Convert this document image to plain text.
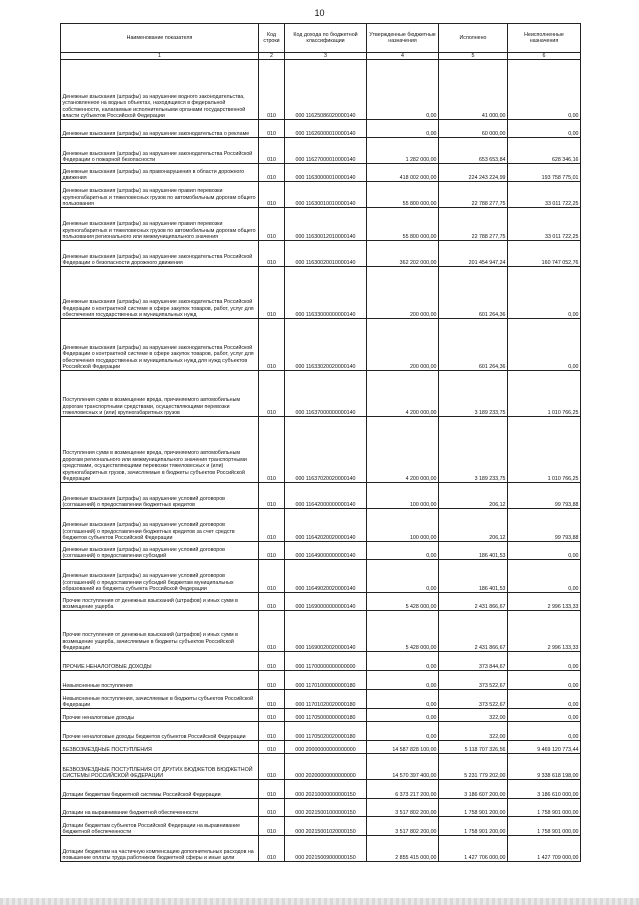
10
Наименование показателя	Код строки	Код дохода по бюджетной классификации	Утвержденные бюджетные назначения	Исполнено	Неисполненные назначения
1	2	3	4	5	6
Денежные взыскания (штрафы) за нарушение водного законодательства, установленное на водных объектах, находящихся в федеральной собственности, налагаемые исполнительными органами государственной власти субъектов Российской Федерации	010	000 11625086020000140	0,00	41 000,00	0,00
Денежные взыскания (штрафы) за нарушение законодательства о рекламе	010	000 11626000010000140	0,00	60 000,00	0,00
Денежные взыскания (штрафы) за нарушение законодательства Российской Федерации о пожарной безопасности	010	000 11627000010000140	1 282 000,00	653 653,84	628 346,16
Денежные взыскания (штрафы) за правонарушения в области дорожного движения	010	000 11630000010000140	418 002 000,00	224 243 224,99	193 758 775,01
Денежные взыскания (штрафы) за нарушение правил перевозки крупногабаритных и тяжеловесных грузов по автомобильным дорогам общего пользования	010	000 11630010010000140	55 800 000,00	22 788 277,75	33 011 722,25
Денежные взыскания (штрафы) за нарушение правил перевозки крупногабаритных и тяжеловесных грузов по автомобильным дорогам общего пользования регионального или межмуниципального значения	010	000 11630012010000140	55 800 000,00	22 788 277,75	33 011 722,25
Денежные взыскания (штрафы) за нарушение законодательства Российской Федерации о безопасности дорожного движения	010	000 11630020010000140	362 202 000,00	201 454 947,24	160 747 052,76
Денежные взыскания (штрафы) за нарушение законодательства Российской Федерации о контрактной системе в сфере закупок товаров, работ, услуг для обеспечения государственных и муниципальных нужд	010	000 11633000000000140	200 000,00	601 264,36	0,00
Денежные взыскания (штрафы) за нарушение законодательства Российской Федерации о контрактной системе в сфере закупок товаров, работ, услуг для обеспечения государственных и муниципальных нужд для нужд субъектов Российской Федерации	010	000 11633020020000140	200 000,00	601 264,36	0,00
Поступления сумм в возмещение вреда, причиняемого автомобильным дорогам транспортными средствами, осуществляющими перевозки тяжеловесных и (или) крупногабаритных грузов	010	000 11637000000000140	4 200 000,00	3 189 233,75	1 010 766,25
Поступления сумм в возмещение вреда, причиняемого автомобильным дорогам регионального или межмуниципального значения транспортными средствами, осуществляющими перевозки тяжеловесных и (или) крупногабаритных грузов, зачисляемые в бюджеты субъектов Российской Федерации	010	000 11637020020000140	4 200 000,00	3 189 233,75	1 010 766,25
Денежные взыскания (штрафы) за нарушение условий договоров (соглашений) о предоставлении бюджетных кредитов	010	000 11642000000000140	100 000,00	206,12	99 793,88
Денежные взыскания (штрафы) за нарушение условий договоров (соглашений) о предоставлении бюджетных кредитов за счет средств бюджетов субъектов Российской Федерации	010	000 11642020020000140	100 000,00	206,12	99 793,88
Денежные взыскания (штрафы) за нарушение условий договоров (соглашений) о предоставлении субсидий	010	000 11649000000000140	0,00	186 401,53	0,00
Денежные взыскания (штрафы) за нарушение условий договоров (соглашений) о предоставлении субсидий бюджетам муниципальных образований из бюджета субъекта Российской Федерации	010	000 11649020020000140	0,00	186 401,53	0,00
Прочие поступления от денежных взысканий (штрафов) и иных сумм в возмещение ущерба	010	000 11690000000000140	5 428 000,00	2 431 866,67	2 996 133,33
Прочие поступления от денежных взысканий (штрафов) и иных сумм в возмещение ущерба, зачисляемые в бюджеты субъектов Российской Федерации	010	000 11690020020000140	5 428 000,00	2 431 866,67	2 996 133,33
ПРОЧИЕ НЕНАЛОГОВЫЕ ДОХОДЫ	010	000 11700000000000000	0,00	373 844,67	0,00
Невыясненные поступления	010	000 11701000000000180	0,00	373 522,67	0,00
Невыясненные поступления, зачисляемые в бюджеты субъектов Российской Федерации	010	000 11701020020000180	0,00	373 522,67	0,00
Прочие неналоговые доходы	010	000 11705000000000180	0,00	322,00	0,00
Прочие неналоговые доходы бюджетов субъектов Российской Федерации	010	000 11705020020000180	0,00	322,00	0,00
БЕЗВОЗМЕЗДНЫЕ ПОСТУПЛЕНИЯ	010	000 20000000000000000	14 587 828 100,00	5 118 707 326,56	9 469 120 773,44
БЕЗВОЗМЕЗДНЫЕ ПОСТУПЛЕНИЯ ОТ ДРУГИХ БЮДЖЕТОВ БЮДЖЕТНОЙ СИСТЕМЫ РОССИЙСКОЙ ФЕДЕРАЦИИ	010	000 20200000000000000	14 570 397 400,00	5 231 779 202,00	9 338 618 198,00
Дотации бюджетам бюджетной системы Российской Федерации	010	000 20210000000000150	6 373 217 200,00	3 186 607 200,00	3 186 610 000,00
Дотации на выравнивание бюджетной обеспеченности	010	000 20215001000000150	3 517 802 200,00	1 758 901 200,00	1 758 901 000,00
Дотации бюджетам субъектов Российской Федерации на выравнивание бюджетной обеспеченности	010	000 20215001020000150	3 517 802 200,00	1 758 901 200,00	1 758 901 000,00
Дотации бюджетам на частичную компенсацию дополнительных расходов на повышение оплаты труда работников бюджетной сферы и иные цели	010	000 20215009000000150	2 855 415 000,00	1 427 706 000,00	1 427 709 000,00
